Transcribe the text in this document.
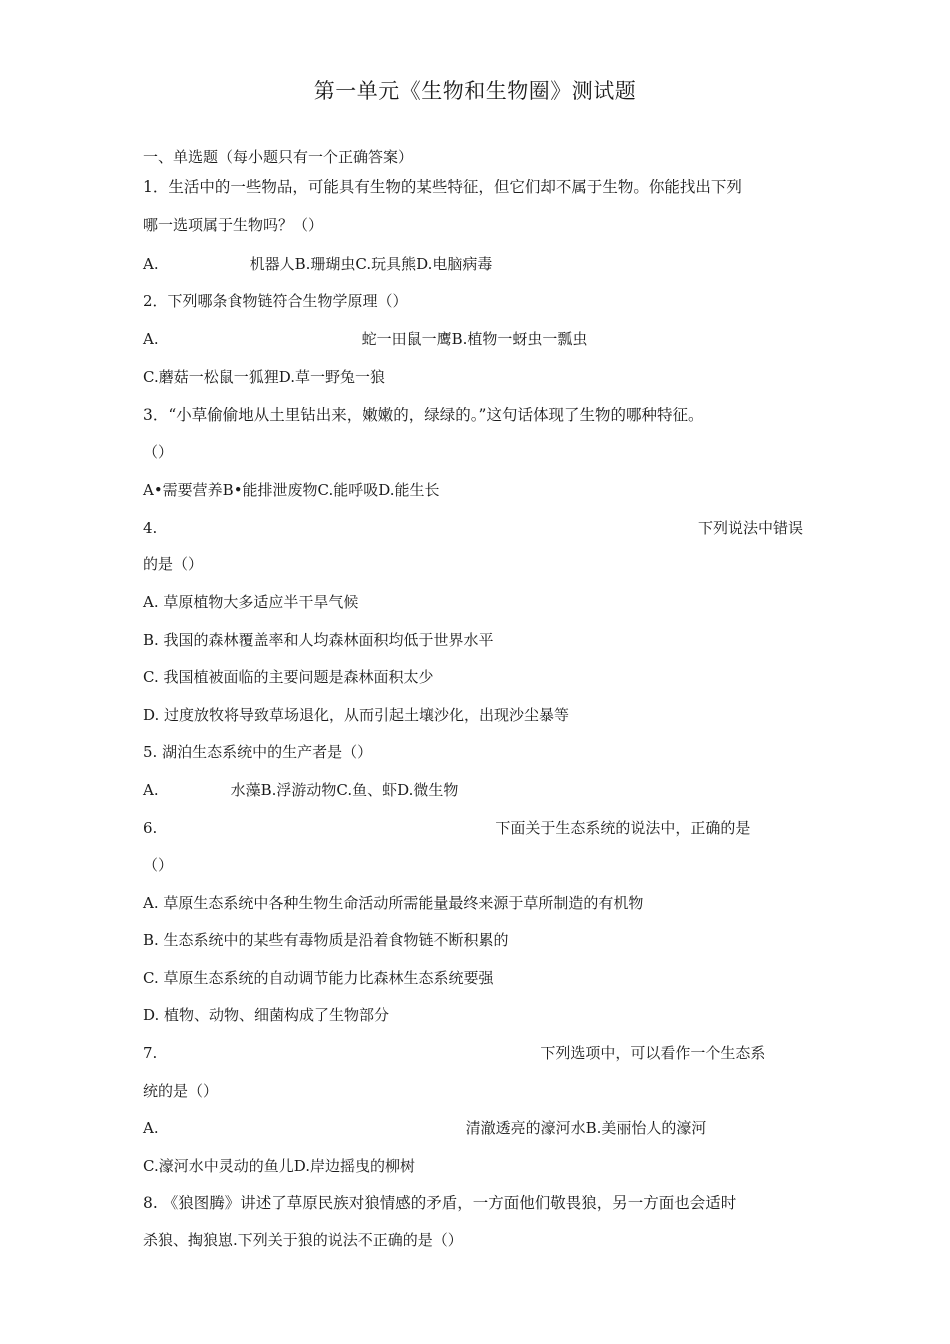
第一单元《生物和生物圈》测试题
一、单选题（每小题只有一个正确答案）
1．生活中的一些物品，可能具有生物的某些特征，但它们却不属于生物。你能找出下列
哪一选项属于生物吗？（）
A.	机器人B.珊瑚虫C.玩具熊D.电脑病毒
2．下列哪条食物链符合生物学原理（）
A.	蛇一田鼠一鹰B.植物一蚜虫一瓢虫
C.蘑菇一松鼠一狐狸D.草一野兔一狼
3．“小草偷偷地从土里钻出来，嫩嫩的，绿绿的。”这句话体现了生物的哪种特征。
（）
A•需要营养B•能排泄废物C.能呼吸D.能生长
4.	下列说法中错误
的是（）
A. 草原植物大多适应半干旱气候
B. 我国的森林覆盖率和人均森林面积均低于世界水平
C. 我国植被面临的主要问题是森林面积太少
D. 过度放牧将导致草场退化，从而引起土壤沙化，出现沙尘暴等
5. 湖泊生态系统中的生产者是（）
A.	水藻B.浮游动物C.鱼、虾D.微生物
6.	下面关于生态系统的说法中，正确的是
（）
A. 草原生态系统中各种生物生命活动所需能量最终来源于草所制造的有机物
B. 生态系统中的某些有毒物质是沿着食物链不断积累的
C. 草原生态系统的自动调节能力比森林生态系统要强
D. 植物、动物、细菌构成了生物部分
7.	下列选项中，可以看作一个生态系
统的是（）
A.	清澈透亮的濠河水B.美丽怡人的濠河
C.濠河水中灵动的鱼儿D.岸边摇曳的柳树
8. 《狼图腾》讲述了草原民族对狼情感的矛盾，一方面他们敬畏狼，另一方面也会适时
杀狼、掏狼崽.下列关于狼的说法不正确的是（）
